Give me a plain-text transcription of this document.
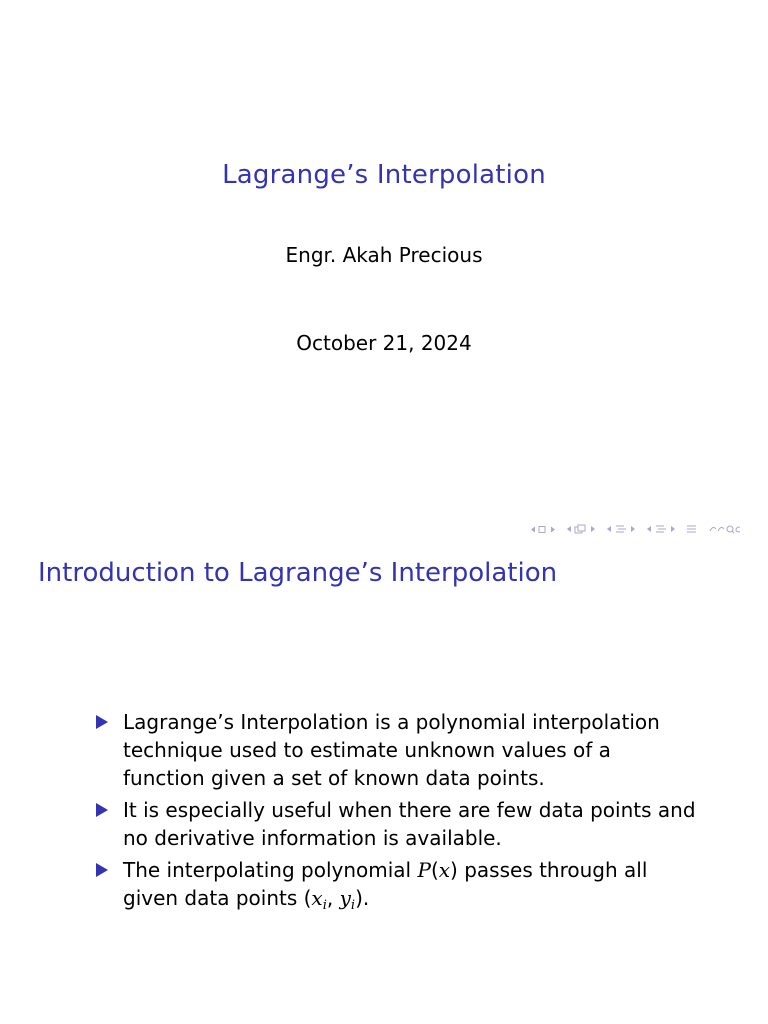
Lagrange’s Interpolation
Engr. Akah Precious
October 21, 2024
Introduction to Lagrange’s Interpolation
Lagrange’s Interpolation is a polynomial interpolation technique used to estimate unknown values of a function given a set of known data points.
It is especially useful when there are few data points and no derivative information is available.
The interpolating polynomial P(x) passes through all given data points ($x_i$, $y_i$).
